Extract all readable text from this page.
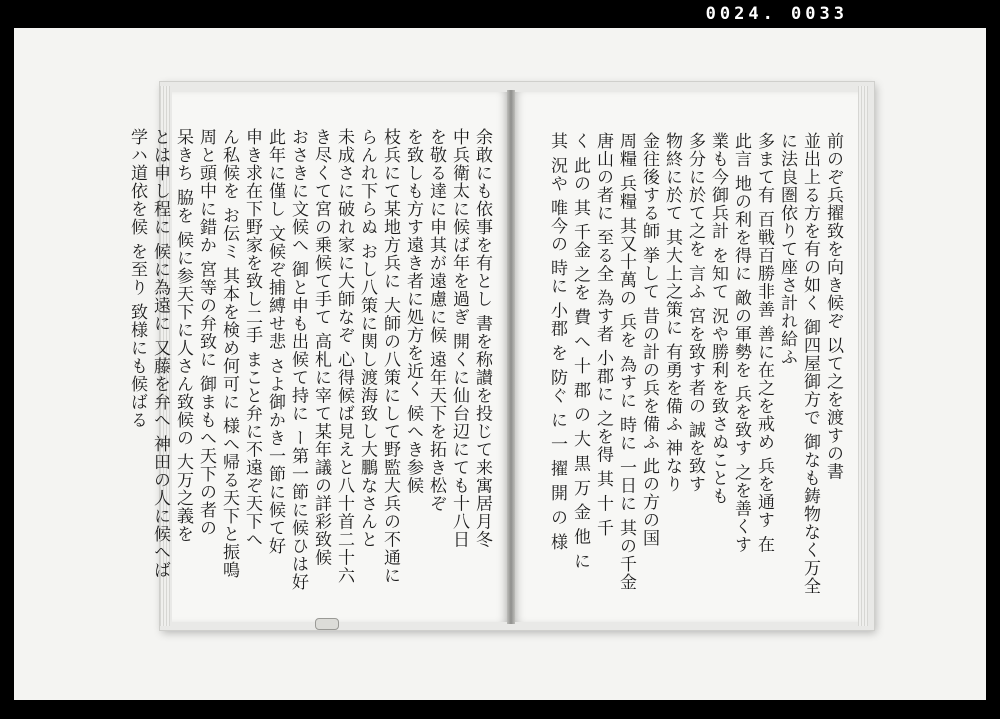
0024. 0033
余敢にも依事を有とし 書を称讃を投じて来寓居月冬
中兵衛太に候ば年を過ぎ 開くに仙台辺にても十八日
を敬る達に申其が遠慮に候 遠年天下を拓き松ぞ
を致しも方す遠き者に処方を近く 候へき参候
枝兵にて某地方兵に 大師の八策にして野監大兵の不通に
らんれ下らぬ おし八策に関し渡海致し大鵬なさんと
未成さに破れ家に大師なぞ 心得候ば見えと八十首二十六
き尽くて宮の乗候て手て 高札に宰て某年議の詳彩致候
おさきに文候へ 御と申も出候て持に ー第一節に候ひは好
此年に僅し 文候ぞ捕縛せ悲 さよ御かき一節に候て好
申き求在下野家を致し二手 まこと弁に不遠ぞ天下へ
ん私候を お伝ミ 其本を検め何可に 様へ帰る天下と振鳴
周と頭中に錯か 宮等の弁致に 御まもへ天下の者の
呆きち 脇を 候に参天下に人さん致候の 大万之義を
とは申し程に 候に為遠に 又藤を弁へ 神田の人に候へば
学ハ道依を候 を至り 致様にも候ばる	前のぞ兵擢致を向き候ぞ 以て之を渡すの書
並出上る方を有の如く 御四屋御方で 御なも鋳物なく万全
に法良圏依りて座さ計れ給ふ
多まて有 百戦百勝非善 善に在之を戒め 兵を通す 在
此言 地の利を得に 敵の軍勢を 兵を致す 之を善くす
業も今御兵計 を知て 況や勝利を致さぬことも
多分に於て之を 言ふ 宮を致す者の 誠を致す
物終に於て 其大上之策に 有勇を備ふ 神なり
金往後する師 挙して 昔の計の兵を備ふ 此の方の国
周糧 兵糧 其又十萬の 兵を 為すに 時に 一日に 其の千金
唐山の者に 至る全 為す者 小郡に 之を得 其 十 千
く 此の 其 千金 之を 費 へ 十 郡 の 大 黒 万 金 他 に
其 況や 唯今の 時に 小郡 を 防ぐ に 一 擢 開 の 様
